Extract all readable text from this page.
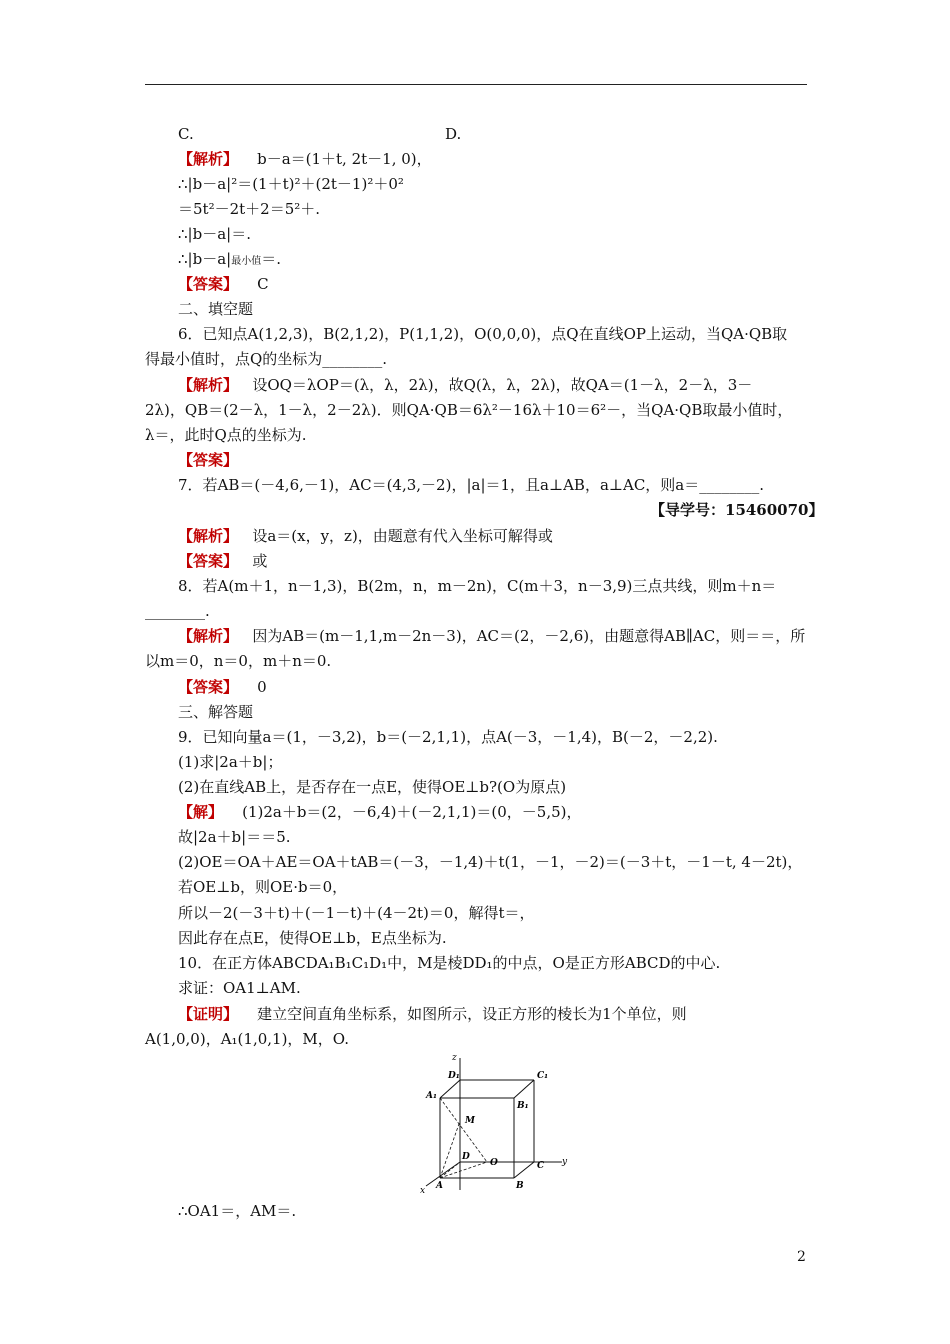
C.	D.
【解析】 b－a＝(1＋t, 2t－1, 0)，
∴|b－a|²＝(1＋t)²＋(2t－1)²＋0²
＝5t²－2t＋2＝5²＋.
∴|b－a|＝.
∴|b－a|最小值＝.
【答案】 C
二、填空题
6．已知点A(1,2,3)，B(2,1,2)，P(1,1,2)，O(0,0,0)，点Q在直线OP上运动，当QA·QB取
得最小值时，点Q的坐标为________.
【解析】 设OQ＝λOP＝(λ，λ，2λ)，故Q(λ，λ，2λ)，故QA＝(1－λ，2－λ，3－
2λ)，QB＝(2－λ，1－λ，2－2λ)．则QA·QB＝6λ²－16λ＋10＝6²－，当QA·QB取最小值时，
λ＝，此时Q点的坐标为.
【答案】
7．若AB＝(－4,6,－1)，AC＝(4,3,－2)，|a|＝1，且a⊥AB，a⊥AC，则a＝________.
【导学号：15460070】
【解析】 设a＝(x，y，z)，由题意有代入坐标可解得或
【答案】 或
8．若A(m＋1，n－1,3)，B(2m，n，m－2n)，C(m＋3，n－3,9)三点共线，则m＋n＝
________.
【解析】 因为AB＝(m－1,1,m－2n－3)，AC＝(2，－2,6)，由题意得AB∥AC，则＝＝，所
以m＝0，n＝0，m＋n＝0.
【答案】 0
三、解答题
9．已知向量a＝(1，－3,2)，b＝(－2,1,1)，点A(－3，－1,4)，B(－2，－2,2).
(1)求|2a＋b|；
(2)在直线AB上，是否存在一点E，使得OE⊥b?(O为原点)
【解】 (1)2a＋b＝(2，－6,4)＋(－2,1,1)＝(0，－5,5)，
故|2a＋b|＝＝5.
(2)OE＝OA＋AE＝OA＋tAB＝(－3，－1,4)＋t(1，－1，－2)＝(－3＋t，－1－t, 4－2t)，
若OE⊥b，则OE·b＝0，
所以－2(－3＋t)＋(－1－t)＋(4－2t)＝0，解得t＝，
因此存在点E，使得OE⊥b，E点坐标为.
10．在正方体ABCDA₁B₁C₁D₁中，M是棱DD₁的中点，O是正方形ABCD的中心.
求证：OA1⊥AM.
【证明】 建立空间直角坐标系，如图所示，设正方形的棱长为1个单位，则
A(1,0,0)，A₁(1,0,1)，M，O.
z
y
x
D₁	C₁
A₁
B₁
M
D
O	C
A	B
∴OA1＝，AM＝.
2
